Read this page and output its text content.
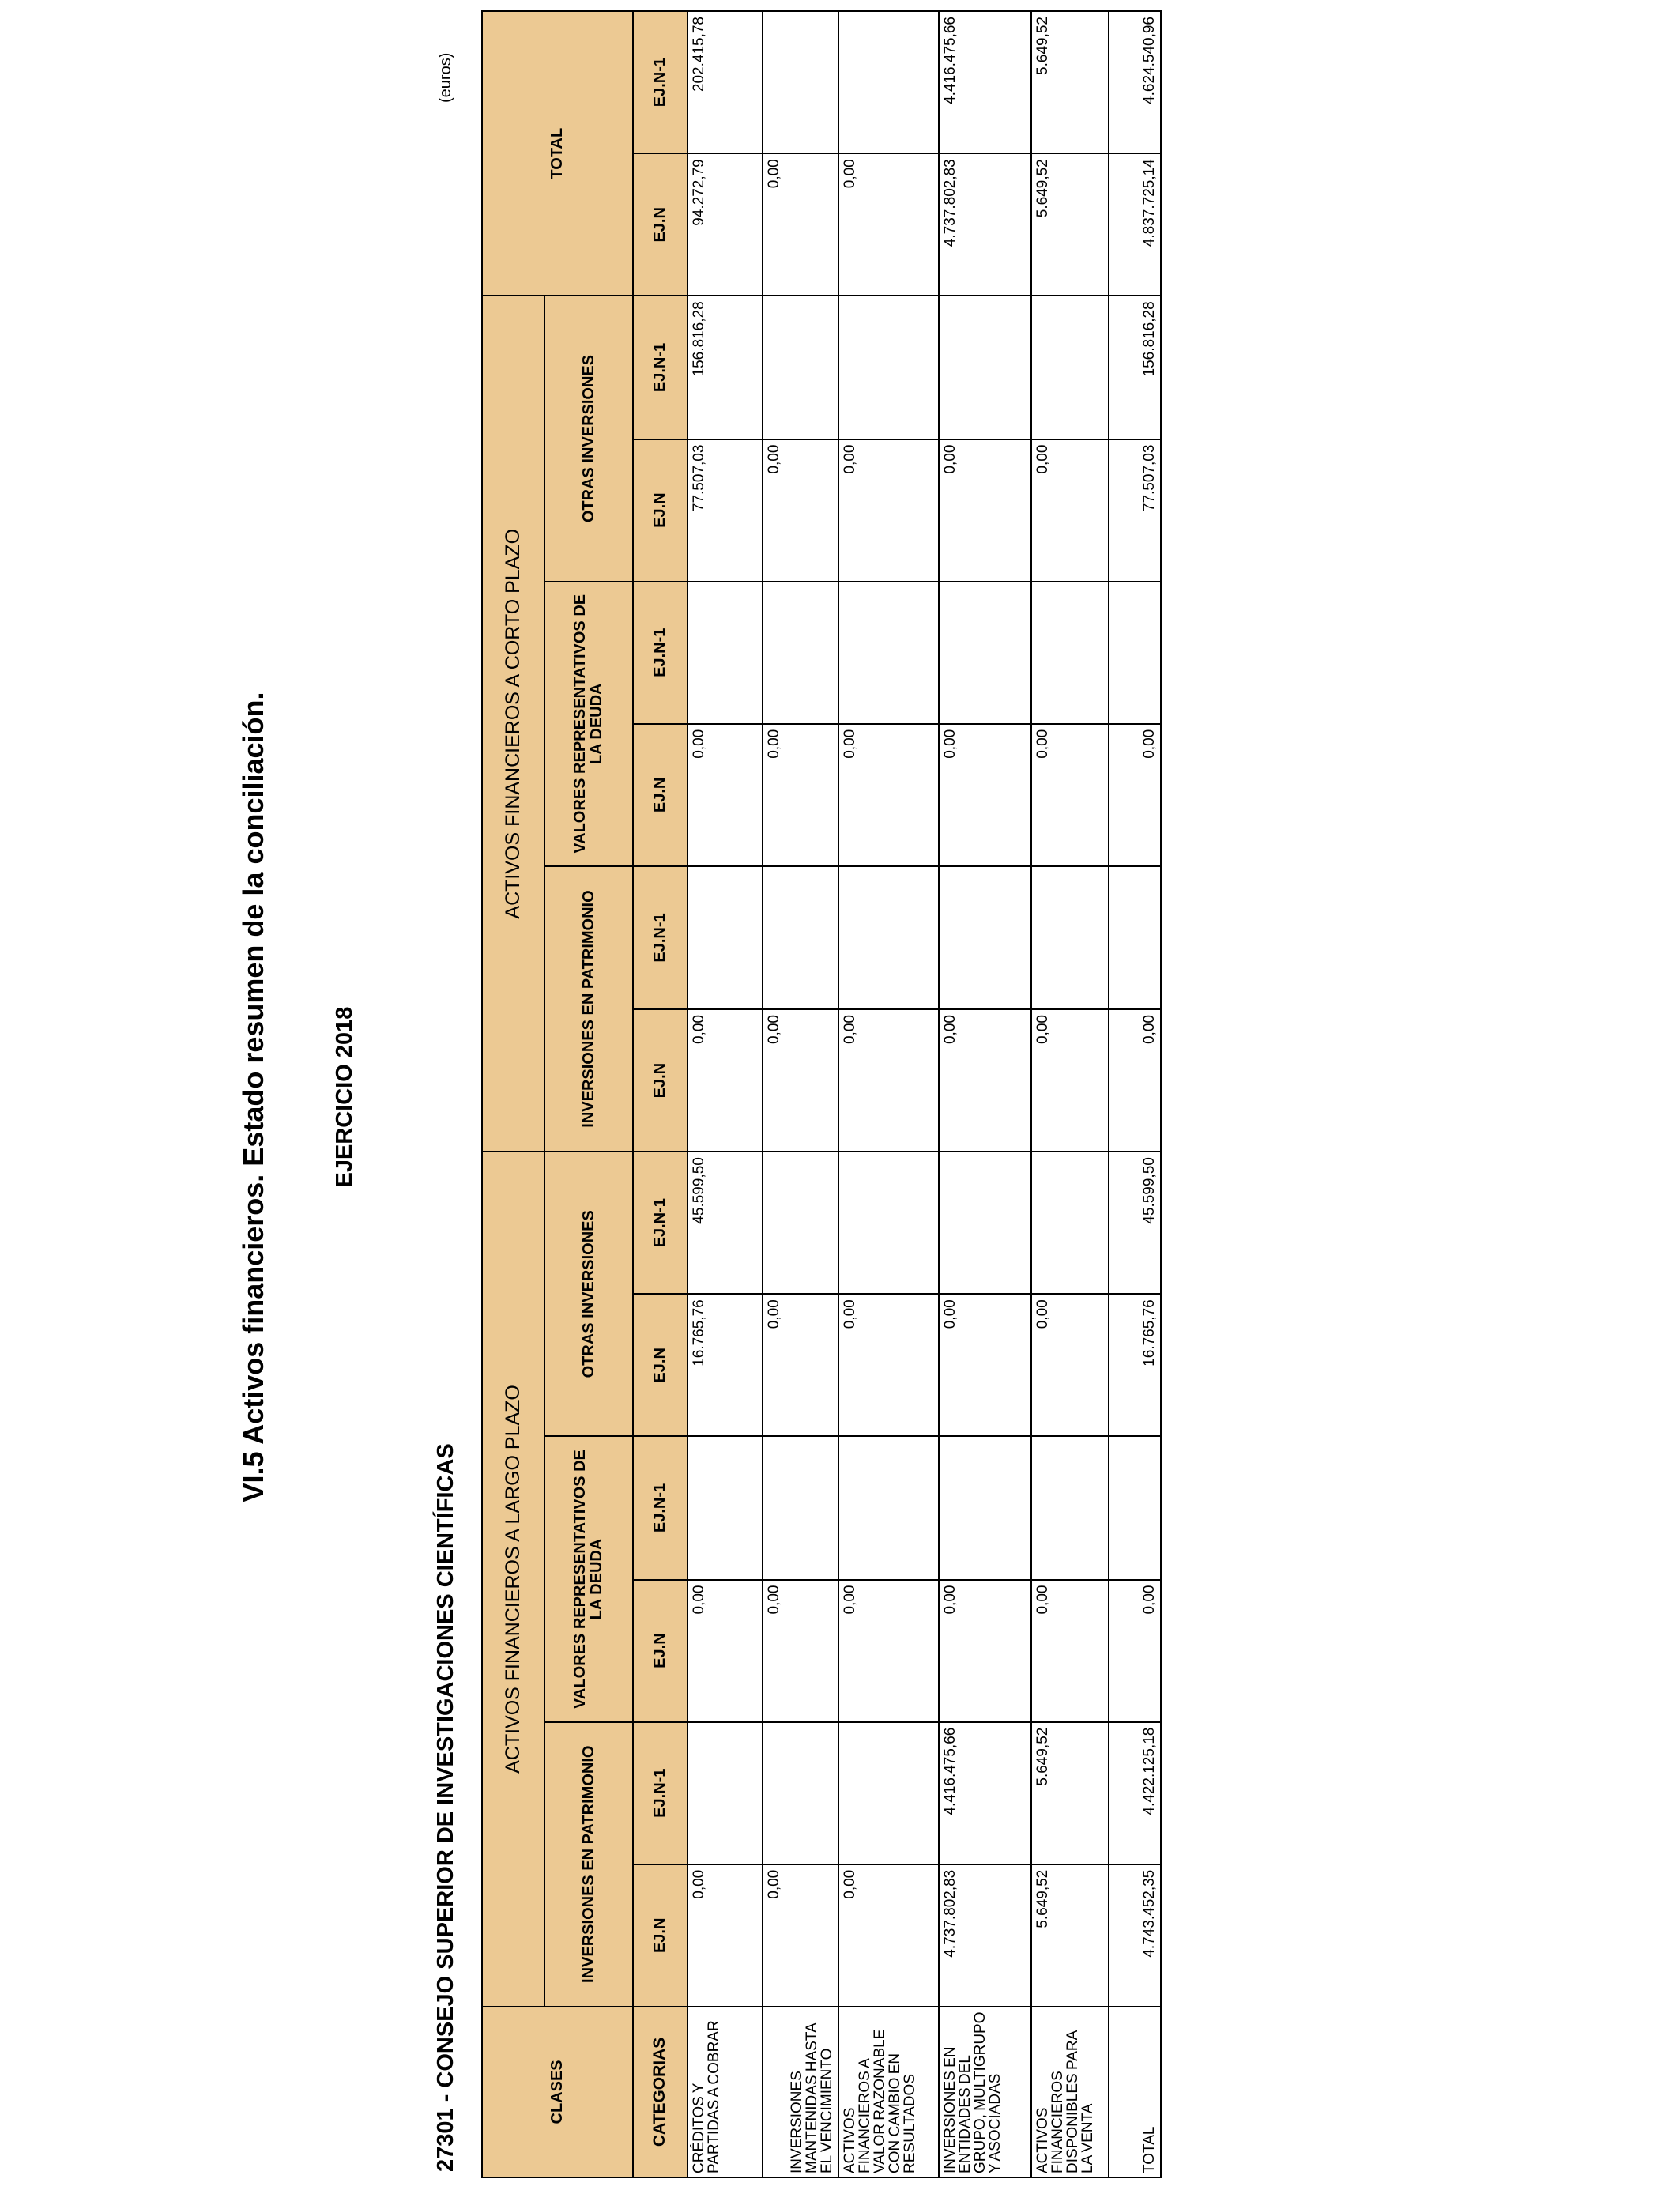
VI.5 Activos financieros. Estado resumen de la conciliación.	EJERCICIO 2018
27301 - CONSEJO SUPERIOR DE INVESTIGACIONES CIENTÍFICAS
(euros)
CLASES	ACTIVOS FINANCIEROS A LARGO PLAZO						ACTIVOS FINANCIEROS A CORTO PLAZO						TOTAL	
	INVERSIONES EN PATRIMONIO		VALORES REPRESENTATIVOS DE LA DEUDA		OTRAS INVERSIONES		INVERSIONES EN PATRIMONIO		VALORES REPRESENTATIVOS DE LA DEUDA		OTRAS INVERSIONES			
CATEGORIAS	EJ.N	EJ.N-1	EJ.N	EJ.N-1	EJ.N	EJ.N-1	EJ.N	EJ.N-1	EJ.N	EJ.N-1	EJ.N	EJ.N-1	EJ.N	EJ.N-1
CRÉDITOS Y PARTIDAS A COBRAR	0,00		0,00		16.765,76	45.599,50	0,00		0,00		77.507,03	156.816,28	94.272,79	202.415,78
INVERSIONES MANTENIDAS HASTA EL VENCIMIENTO	0,00		0,00		0,00		0,00		0,00		0,00		0,00	
ACTIVOS FINANCIEROS A VALOR RAZONABLE CON CAMBIO EN RESULTADOS	0,00		0,00		0,00		0,00		0,00		0,00		0,00	
INVERSIONES EN ENTIDADES DEL GRUPO, MULTIGRUPO Y ASOCIADAS	4.737.802,83	4.416.475,66	0,00		0,00		0,00		0,00		0,00		4.737.802,83	4.416.475,66
ACTIVOS FINANCIEROS DISPONIBLES PARA LA VENTA	5.649,52	5.649,52	0,00		0,00		0,00		0,00		0,00		5.649,52	5.649,52
TOTAL	4.743.452,35	4.422.125,18	0,00		16.765,76	45.599,50	0,00		0,00		77.507,03	156.816,28	4.837.725,14	4.624.540,96
